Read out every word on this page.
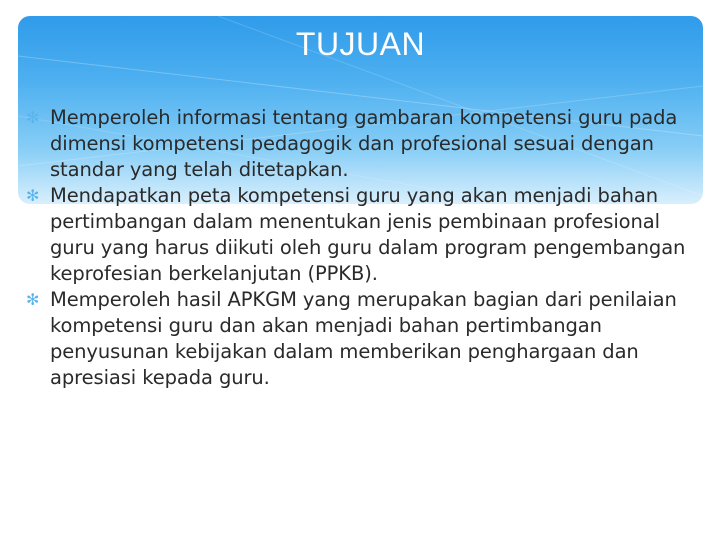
TUJUAN
✻ Memperoleh informasi tentang gambaran kompetensi guru pada dimensi kompetensi pedagogik dan profesional sesuai dengan standar yang telah ditetapkan.
✻ Mendapatkan peta kompetensi guru yang akan menjadi bahan pertimbangan dalam menentukan jenis pembinaan profesional guru yang harus diikuti oleh guru dalam program pengembangan keprofesian berkelanjutan (PPKB).
✻ Memperoleh hasil APKGM yang merupakan bagian dari penilaian kompetensi guru dan akan menjadi bahan pertimbangan penyusunan kebijakan dalam memberikan penghargaan dan apresiasi kepada guru.
